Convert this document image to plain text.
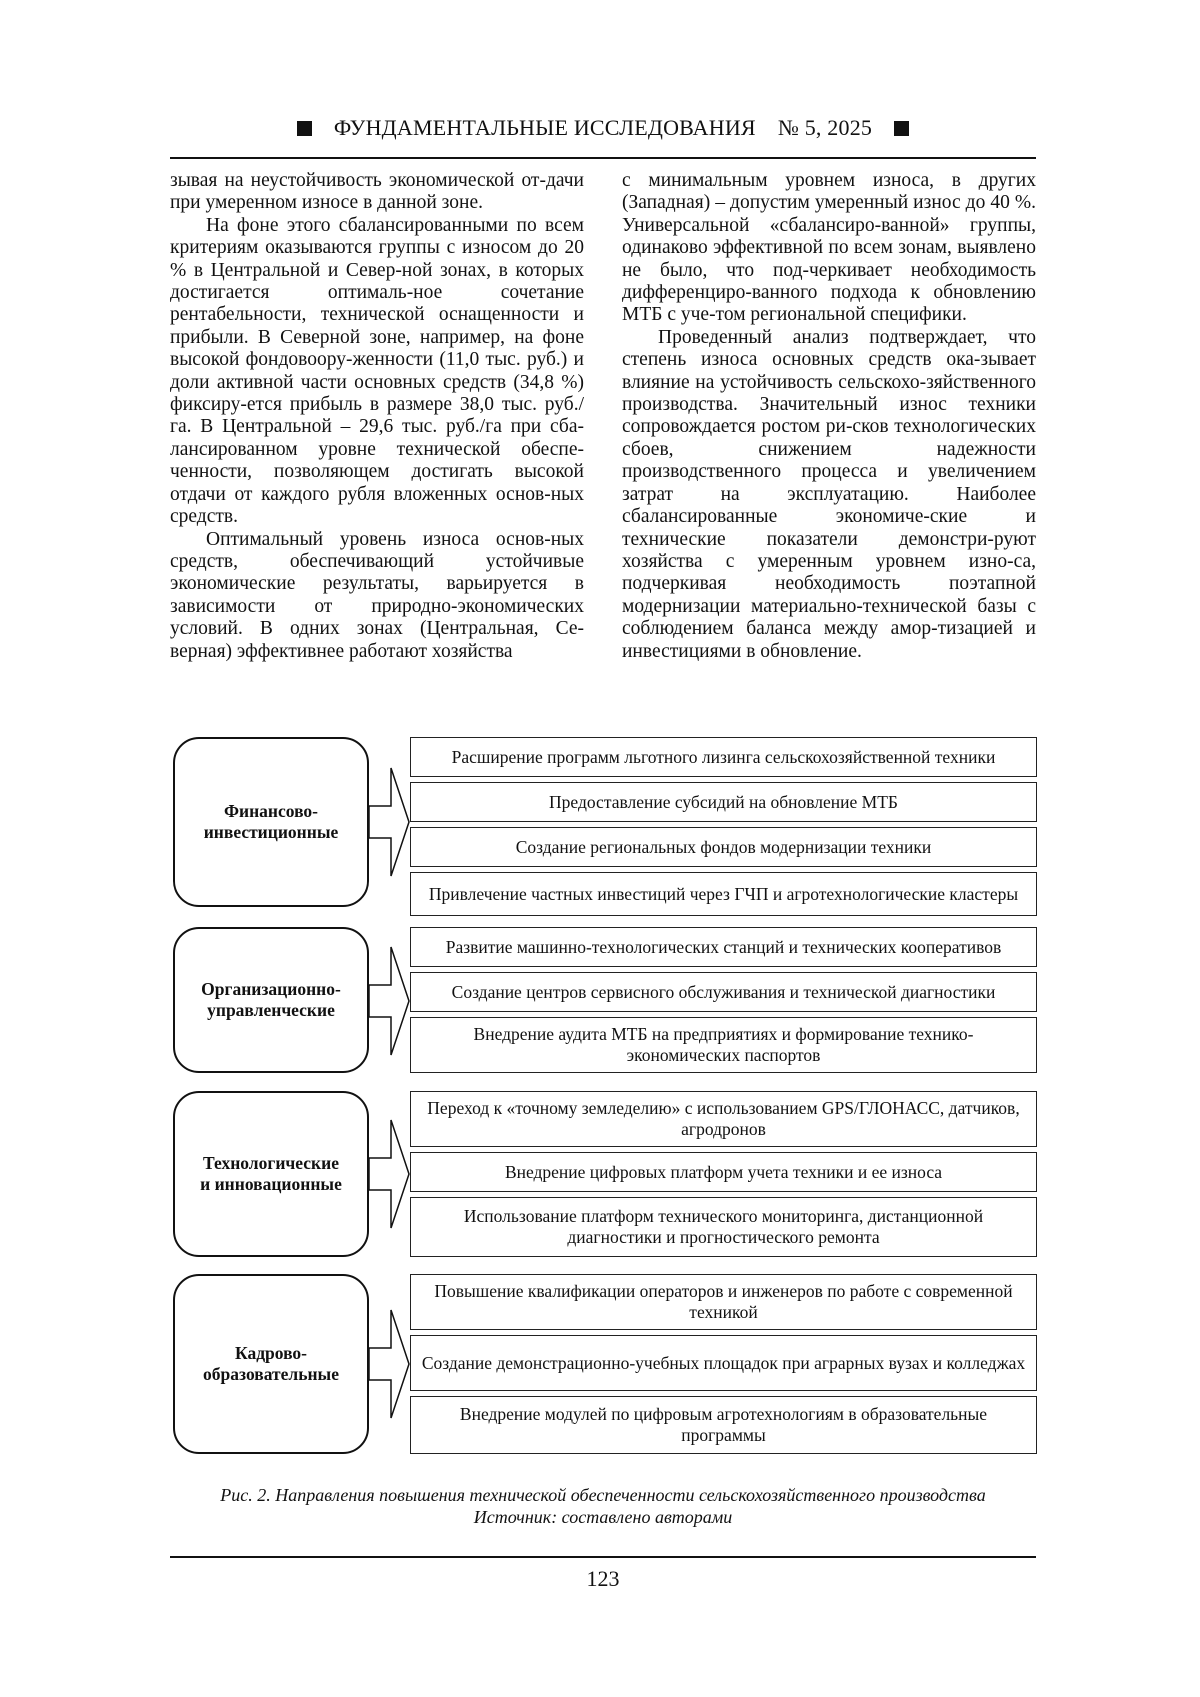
ФУНДАМЕНТАЛЬНЫЕ ИССЛЕДОВАНИЯ № 5, 2025

зывая на неустойчивость экономической от-дачи при умеренном износе в данной зоне.

На фоне этого сбалансированными по всем критериям оказываются группы с износом до 20 % в Центральной и Север-ной зонах, в которых достигается оптималь-ное сочетание рентабельности, технической оснащенности и прибыли. В Северной зоне, например, на фоне высокой фондовоору-женности (11,0 тыс. руб.) и доли активной части основных средств (34,8 %) фиксиру-ется прибыль в размере 38,0 тыс. руб./га. В Центральной – 29,6 тыс. руб./га при сба-лансированном уровне технической обеспе-ченности, позволяющем достигать высокой отдачи от каждого рубля вложенных основ-ных средств.

Оптимальный уровень износа основ-ных средств, обеспечивающий устойчивые экономические результаты, варьируется в зависимости от природно-экономических условий. В одних зонах (Центральная, Се-верная) эффективнее работают хозяйства

с минимальным уровнем износа, в других (Западная) – допустим умеренный износ до 40 %. Универсальной «сбалансиро-ванной» группы, одинаково эффективной по всем зонам, выявлено не было, что под-черкивает необходимость дифференциро-ванного подхода к обновлению МТБ с уче-том региональной специфики.

Проведенный анализ подтверждает, что степень износа основных средств ока-зывает влияние на устойчивость сельскохо-зяйственного производства. Значительный износ техники сопровождается ростом ри-сков технологических сбоев, снижением надежности производственного процесса и увеличением затрат на эксплуатацию. Наиболее сбалансированные экономиче-ские и технические показатели демонстри-руют хозяйства с умеренным уровнем изно-са, подчеркивая необходимость поэтапной модернизации материально-технической базы с соблюдением баланса между амор-тизацией и инвестициями в обновление.

Финансово-
инвестиционные
Расширение программ льготного лизинга сельскохозяйственной техники
Предоставление субсидий на обновление МТБ
Создание региональных фондов модернизации техники
Привлечение частных инвестиций через ГЧП и агротехнологические кластеры
Организационно-
управленческие
Развитие машинно-технологических станций и технических кооперативов
Создание центров сервисного обслуживания и технической диагностики
Внедрение аудита МТБ на предприятиях и формирование технико-экономических паспортов
Технологические
и инновационные
Переход к «точному земледелию» с использованием GPS/ГЛОНАСС, датчиков, агродронов
Внедрение цифровых платформ учета техники и ее износа
Использование платформ технического мониторинга, дистанционной диагностики и прогностического ремонта
Кадрово-
образовательные
Повышение квалификации операторов и инженеров по работе с современной техникой
Создание демонстрационно-учебных площадок при аграрных вузах и колледжах
Внедрение модулей по цифровым агротехнологиям в образовательные программы
Рис. 2. Направления повышения технической обеспеченности сельскохозяйственного производства
Источник: составлено авторами
123
